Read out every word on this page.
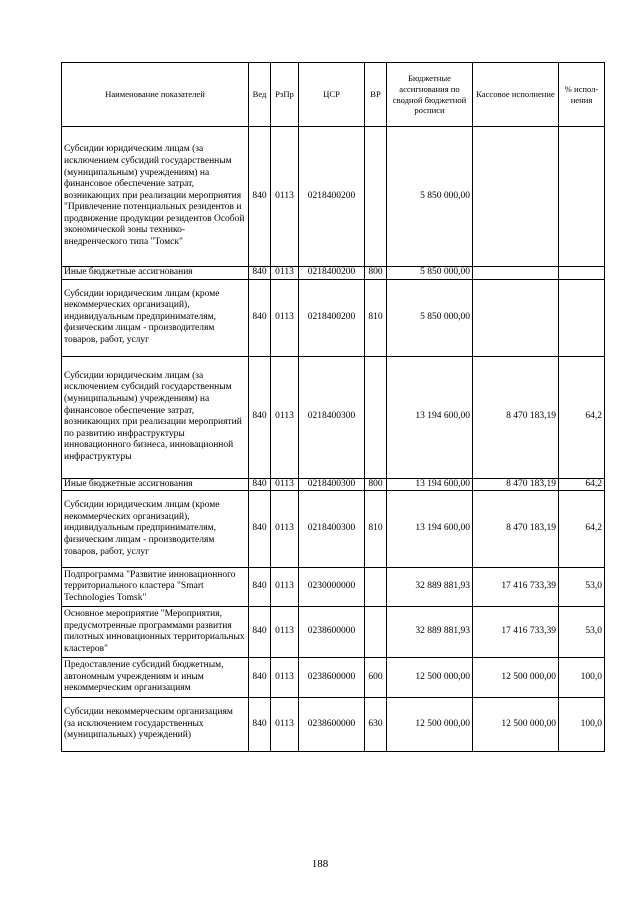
Наименование показателей	Вед	РзПр	ЦСР	ВР	Бюджетные ассигнования по сводной бюджетной росписи	Кассовое исполнение	% испол-нения
Субсидии юридическим лицам (за исключением субсидий государственным (муниципальным) учреждениям) на финансовое обеспечение затрат, возникающих при реализации мероприятия "Привлечение потенциальных резидентов и продвижение продукции резидентов Особой экономической зоны технико-внедренческого типа "Томск"	840	0113	0218400200		5 850 000,00		
Иные бюджетные ассигнования	840	0113	0218400200	800	5 850 000,00		
Субсидии юридическим лицам (кроме некоммерческих организаций), индивидуальным предпринимателям, физическим лицам - производителям товаров, работ, услуг	840	0113	0218400200	810	5 850 000,00		
Субсидии юридическим лицам (за исключением субсидий государственным (муниципальным) учреждениям) на финансовое обеспечение затрат, возникающих при реализации мероприятий по развитию инфраструктуры инновационного бизнеса, инновационной инфраструктуры	840	0113	0218400300		13 194 600,00	8 470 183,19	64,2
Иные бюджетные ассигнования	840	0113	0218400300	800	13 194 600,00	8 470 183,19	64,2
Субсидии юридическим лицам (кроме некоммерческих организаций), индивидуальным предпринимателям, физическим лицам - производителям товаров, работ, услуг	840	0113	0218400300	810	13 194 600,00	8 470 183,19	64,2
Подпрограмма "Развитие инновационного территориального кластера "Smart Technologies Tomsk"	840	0113	0230000000		32 889 881,93	17 416 733,39	53,0
Основное мероприятие "Мероприятия, предусмотренные программами развития пилотных инновационных территориальных кластеров"	840	0113	0238600000		32 889 881,93	17 416 733,39	53,0
Предоставление субсидий бюджетным, автономным учреждениям и иным некоммерческим организациям	840	0113	0238600000	600	12 500 000,00	12 500 000,00	100,0
Субсидии некоммерческим организациям (за исключением государственных (муниципальных) учреждений)	840	0113	0238600000	630	12 500 000,00	12 500 000,00	100,0
188
